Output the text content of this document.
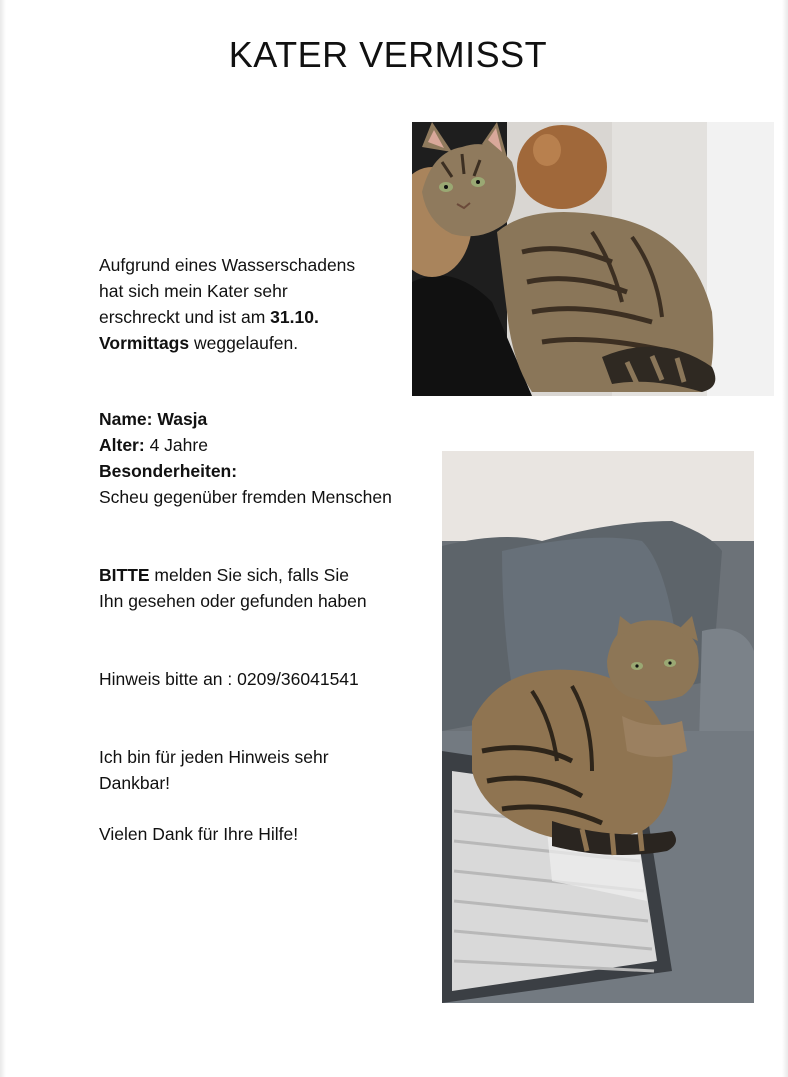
KATER VERMISST
Aufgrund eines Wasserschadens
hat sich mein Kater sehr
erschreckt und ist am 31.10.
Vormittags weggelaufen.
Name: Wasja
Alter: 4 Jahre
Besonderheiten:
Scheu gegenüber fremden Menschen
BITTE melden Sie sich, falls Sie
Ihn gesehen oder gefunden haben
Hinweis bitte an : 0209/36041541
Ich bin für jeden Hinweis sehr
Dankbar!
Vielen Dank für Ihre Hilfe!
